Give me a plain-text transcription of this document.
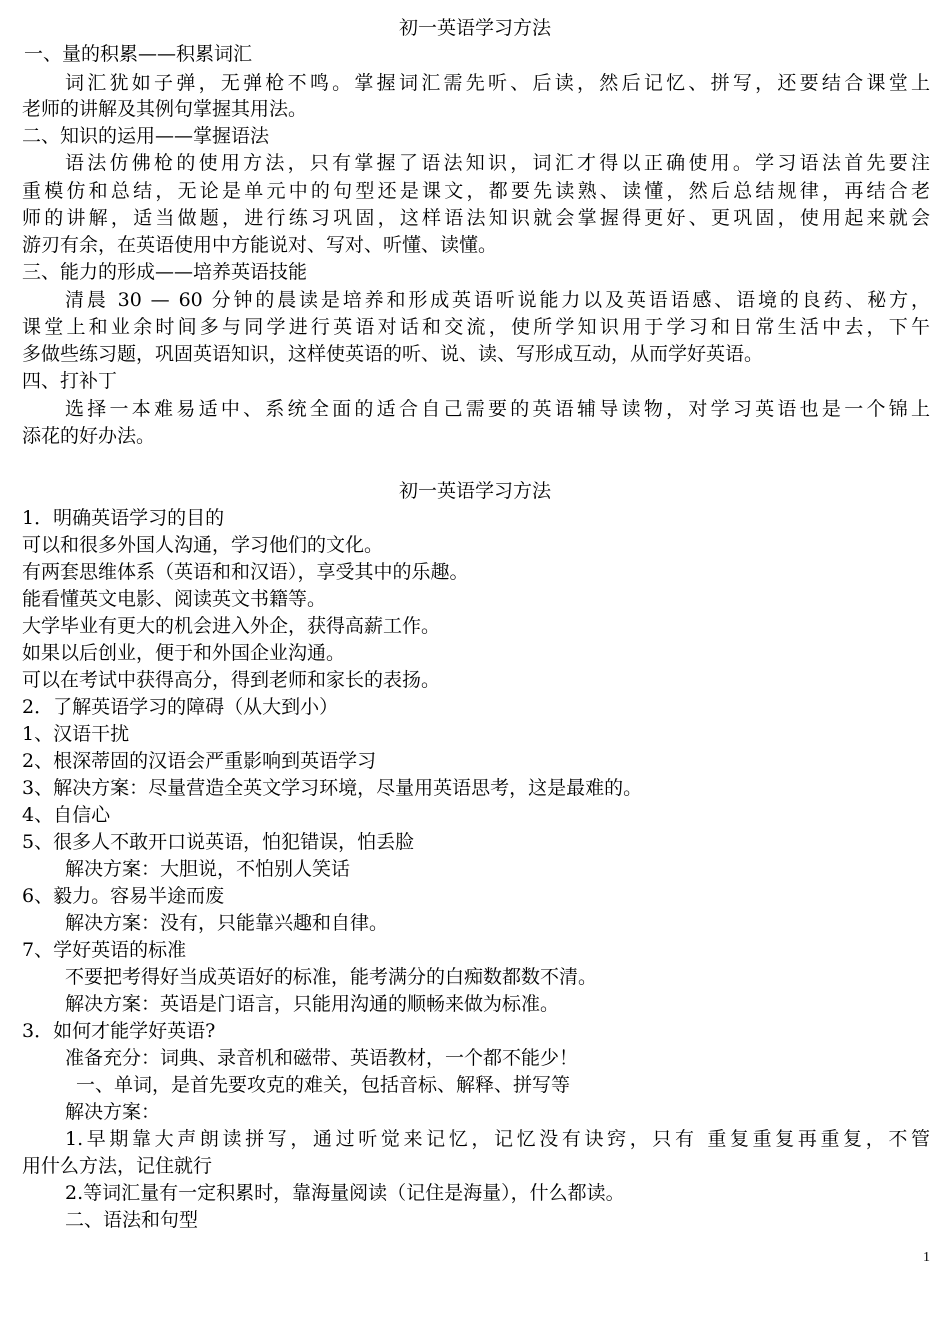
初一英语学习方法
一、量的积累——积累词汇
词汇犹如子弹，无弹枪不鸣。掌握词汇需先听、后读，然后记忆、拼写，还要结合课堂上
老师的讲解及其例句掌握其用法。
二、知识的运用——掌握语法
语法仿佛枪的使用方法，只有掌握了语法知识，词汇才得以正确使用。学习语法首先要注
重模仿和总结，无论是单元中的句型还是课文，都要先读熟、读懂，然后总结规律，再结合老
师的讲解，适当做题，进行练习巩固，这样语法知识就会掌握得更好、更巩固，使用起来就会
游刃有余，在英语使用中方能说对、写对、听懂、读懂。
三、能力的形成——培养英语技能
清晨 30 — 60 分钟的晨读是培养和形成英语听说能力以及英语语感、语境的良药、秘方，
课堂上和业余时间多与同学进行英语对话和交流，使所学知识用于学习和日常生活中去，下午
多做些练习题，巩固英语知识，这样使英语的听、说、读、写形成互动，从而学好英语。
四、打补丁
选择一本难易适中、系统全面的适合自己需要的英语辅导读物，对学习英语也是一个锦上
添花的好办法。
初一英语学习方法
1．明确英语学习的目的
可以和很多外国人沟通，学习他们的文化。
有两套思维体系（英语和和汉语），享受其中的乐趣。
能看懂英文电影、阅读英文书籍等。
大学毕业有更大的机会进入外企，获得高薪工作。
如果以后创业，便于和外国企业沟通。
可以在考试中获得高分，得到老师和家长的表扬。
2．了解英语学习的障碍（从大到小）
1、汉语干扰
2、根深蒂固的汉语会严重影响到英语学习
3、解决方案：尽量营造全英文学习环境，尽量用英语思考，这是最难的。
4、自信心
5、很多人不敢开口说英语，怕犯错误，怕丢脸
解决方案：大胆说，不怕别人笑话
6、毅力。容易半途而废
解决方案：没有，只能靠兴趣和自律。
7、学好英语的标准
不要把考得好当成英语好的标准，能考满分的白痴数都数不清。
解决方案：英语是门语言，只能用沟通的顺畅来做为标准。
3．如何才能学好英语?
准备充分：词典、录音机和磁带、英语教材，一个都不能少！
一、单词，是首先要攻克的难关，包括音标、解释、拼写等
解决方案：
1.早期靠大声朗读拼写，通过听觉来记忆，记忆没有诀窍，只有 重复重复再重复，不管
用什么方法，记住就行
2.等词汇量有一定积累时，靠海量阅读（记住是海量），什么都读。
二、语法和句型
1
